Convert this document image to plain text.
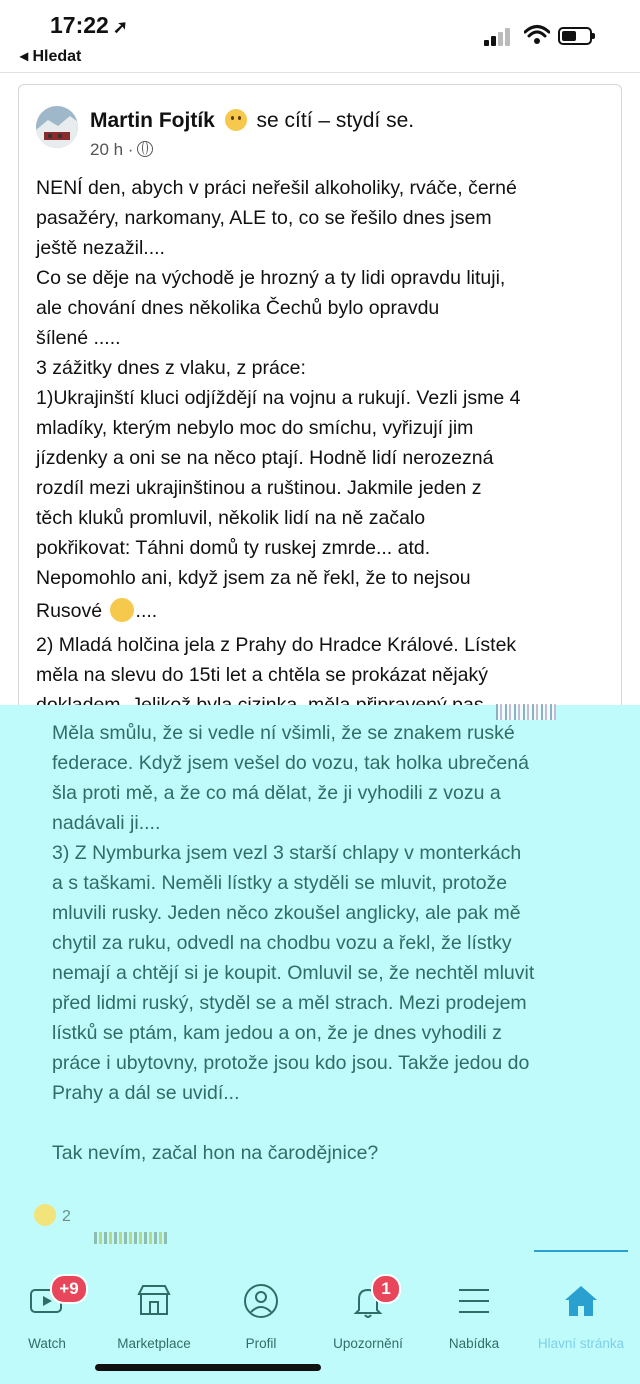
17:22 ➚
◂ Hledat
Martin Fojtík se cítí – stydí se.
20 h ·
NENÍ den, abych v práci neřešil alkoholiky, rváče, černé
pasažéry, narkomany, ALE to, co se řešilo dnes jsem
ještě nezažil....
Co se děje na východě je hrozný a ty lidi opravdu lituji,
ale chování dnes několika Čechů bylo opravdu
šílené .....
3 zážitky dnes z vlaku, z práce:
1)Ukrajinští kluci odjíždějí na vojnu a rukují. Vezli jsme 4
mladíky, kterým nebylo moc do smíchu, vyřizují jim
jízdenky a oni se na něco ptají. Hodně lidí nerozezná
rozdíl mezi ukrajinštinou a ruštinou. Jakmile jeden z
těch kluků promluvil, několik lidí na ně začalo
pokřikovat: Táhni domů ty ruskej zmrde... atd.
Nepomohlo ani, když jsem za ně řekl, že to nejsou
Rusové ....
2) Mladá holčina jela z Prahy do Hradce Králové. Lístek
měla na slevu do 15ti let a chtěla se prokázat nějaký
Měla smůlu, že si vedle ní všimli, že se znakem ruské
federace. Když jsem vešel do vozu, tak holka ubrečená
šla proti mě, a že co má dělat, že ji vyhodili z vozu a
nadávali ji....
3) Z Nymburka jsem vezl 3 starší chlapy v monterkách
a s taškami. Neměli lístky a styděli se mluvit, protože
mluvili rusky. Jeden něco zkoušel anglicky, ale pak mě
chytil za ruku, odvedl na chodbu vozu a řekl, že lístky
nemají a chtějí si je koupit. Omluvil se, že nechtěl mluvit
před lidmi ruský, styděl se a měl strach. Mezi prodejem
lístků se ptám, kam jedou a on, že je dnes vyhodili z
práce i ubytovny, protože jsou kdo jsou. Takže jedou do
Prahy a dál se uvidí...
Tak nevím, začal hon na čarodějnice?
2
+9
Watch	Marketplace	Profil
1
Upozornění	Nabídka	Hlavní stránka
